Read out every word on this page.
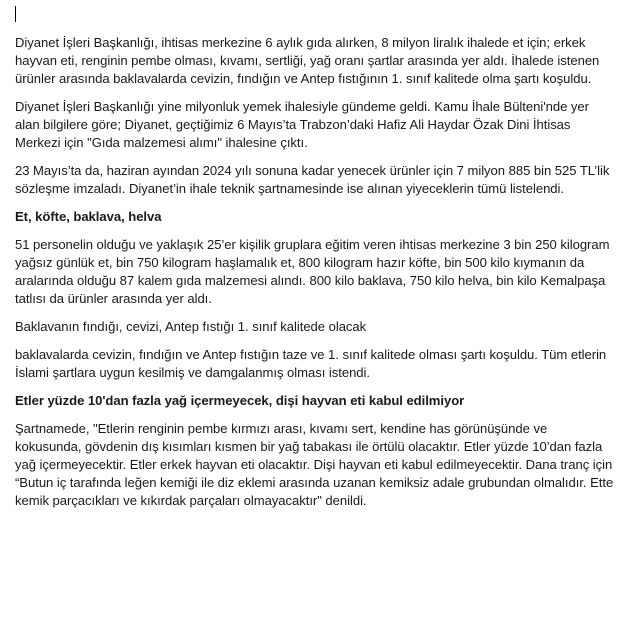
Diyanet İşleri Başkanlığı, ihtisas merkezine 6 aylık gıda alırken, 8 milyon liralık ihalede et için; erkek hayvan eti, renginin pembe olması, kıvamı, sertliği, yağ oranı şartlar arasında yer aldı. İhalede istenen ürünler arasında baklavalarda cevizin, fındığın ve Antep fıstığının 1. sınıf kalitede olma şartı koşuldu.

Diyanet İşleri Başkanlığı yine milyonluk yemek ihalesiyle gündeme geldi. Kamu İhale Bülteni'nde yer alan bilgilere göre; Diyanet, geçtiğimiz 6 Mayıs’ta Trabzon’daki Hafiz Ali Haydar Özak Dini İhtisas Merkezi için "Gıda malzemesi alımı" ihalesine çıktı.

23 Mayıs’ta da, haziran ayından 2024 yılı sonuna kadar yenecek ürünler için 7 milyon 885 bin 525 TL’lik sözleşme imzaladı. Diyanet’in ihale teknik şartnamesinde ise alınan yiyeceklerin tümü listelendi.

Et, köfte, baklava, helva

51 personelin olduğu ve yaklaşık 25’er kişilik gruplara eğitim veren ihtisas merkezine 3 bin 250 kilogram yağsız günlük et, bin 750 kilogram haşlamalık et, 800 kilogram hazır köfte, bin 500 kilo kıymanın da aralarında olduğu 87 kalem gıda malzemesi alındı. 800 kilo baklava, 750 kilo helva, bin kilo Kemalpaşa tatlısı da ürünler arasında yer aldı.

Baklavanın fındığı, cevizi, Antep fıstığı 1. sınıf kalitede olacak

baklavalarda cevizin, fındığın ve Antep fıstığın taze ve 1. sınıf kalitede olması şartı koşuldu. Tüm etlerin İslami şartlara uygun kesilmiş ve damgalanmış olması istendi.

Etler yüzde 10'dan fazla yağ içermeyecek, dişi hayvan eti kabul edilmiyor

Şartnamede, "Etlerin renginin pembe kırmızı arası, kıvamı sert, kendine has görünüşünde ve kokusunda, gövdenin dış kısımları kısmen bir yağ tabakası ile örtülü olacaktır. Etler yüzde 10’dan fazla yağ içermeyecektir. Etler erkek hayvan eti olacaktır. Dişi hayvan eti kabul edilmeyecektir. Dana tranç için “Butun iç tarafında leğen kemiği ile diz eklemi arasında uzanan kemiksiz adale grubundan olmalıdır. Ette kemik parçacıkları ve kıkırdak parçaları olmayacaktır" denildi.
